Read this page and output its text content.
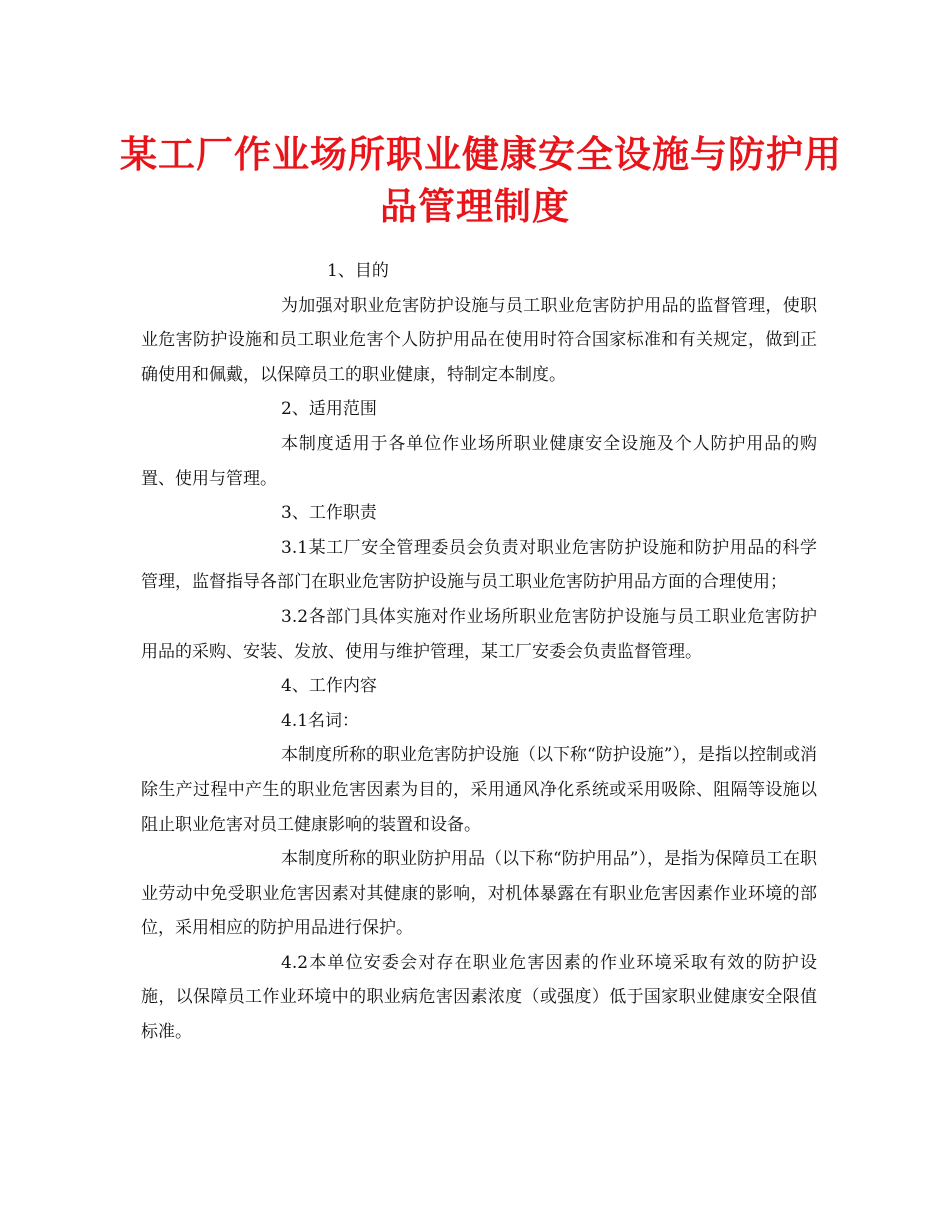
某工厂作业场所职业健康安全设施与防护用
品管理制度

1、目的

为加强对职业危害防护设施与员工职业危害防护用品的监督管理，使职业危害防护设施和员工职业危害个人防护用品在使用时符合国家标准和有关规定，做到正确使用和佩戴，以保障员工的职业健康，特制定本制度。

2、适用范围

本制度适用于各单位作业场所职业健康安全设施及个人防护用品的购置、使用与管理。

3、工作职责

3.1某工厂安全管理委员会负责对职业危害防护设施和防护用品的科学管理，监督指导各部门在职业危害防护设施与员工职业危害防护用品方面的合理使用；

3.2各部门具体实施对作业场所职业危害防护设施与员工职业危害防护用品的采购、安装、发放、使用与维护管理，某工厂安委会负责监督管理。

4、工作内容

4.1名词：

本制度所称的职业危害防护设施（以下称“防护设施”），是指以控制或消除生产过程中产生的职业危害因素为目的，采用通风净化系统或采用吸除、阻隔等设施以阻止职业危害对员工健康影响的装置和设备。

本制度所称的职业防护用品（以下称“防护用品”），是指为保障员工在职业劳动中免受职业危害因素对其健康的影响，对机体暴露在有职业危害因素作业环境的部位，采用相应的防护用品进行保护。

4.2本单位安委会对存在职业危害因素的作业环境采取有效的防护设施，以保障员工作业环境中的职业病危害因素浓度（或强度）低于国家职业健康安全限值标准。
